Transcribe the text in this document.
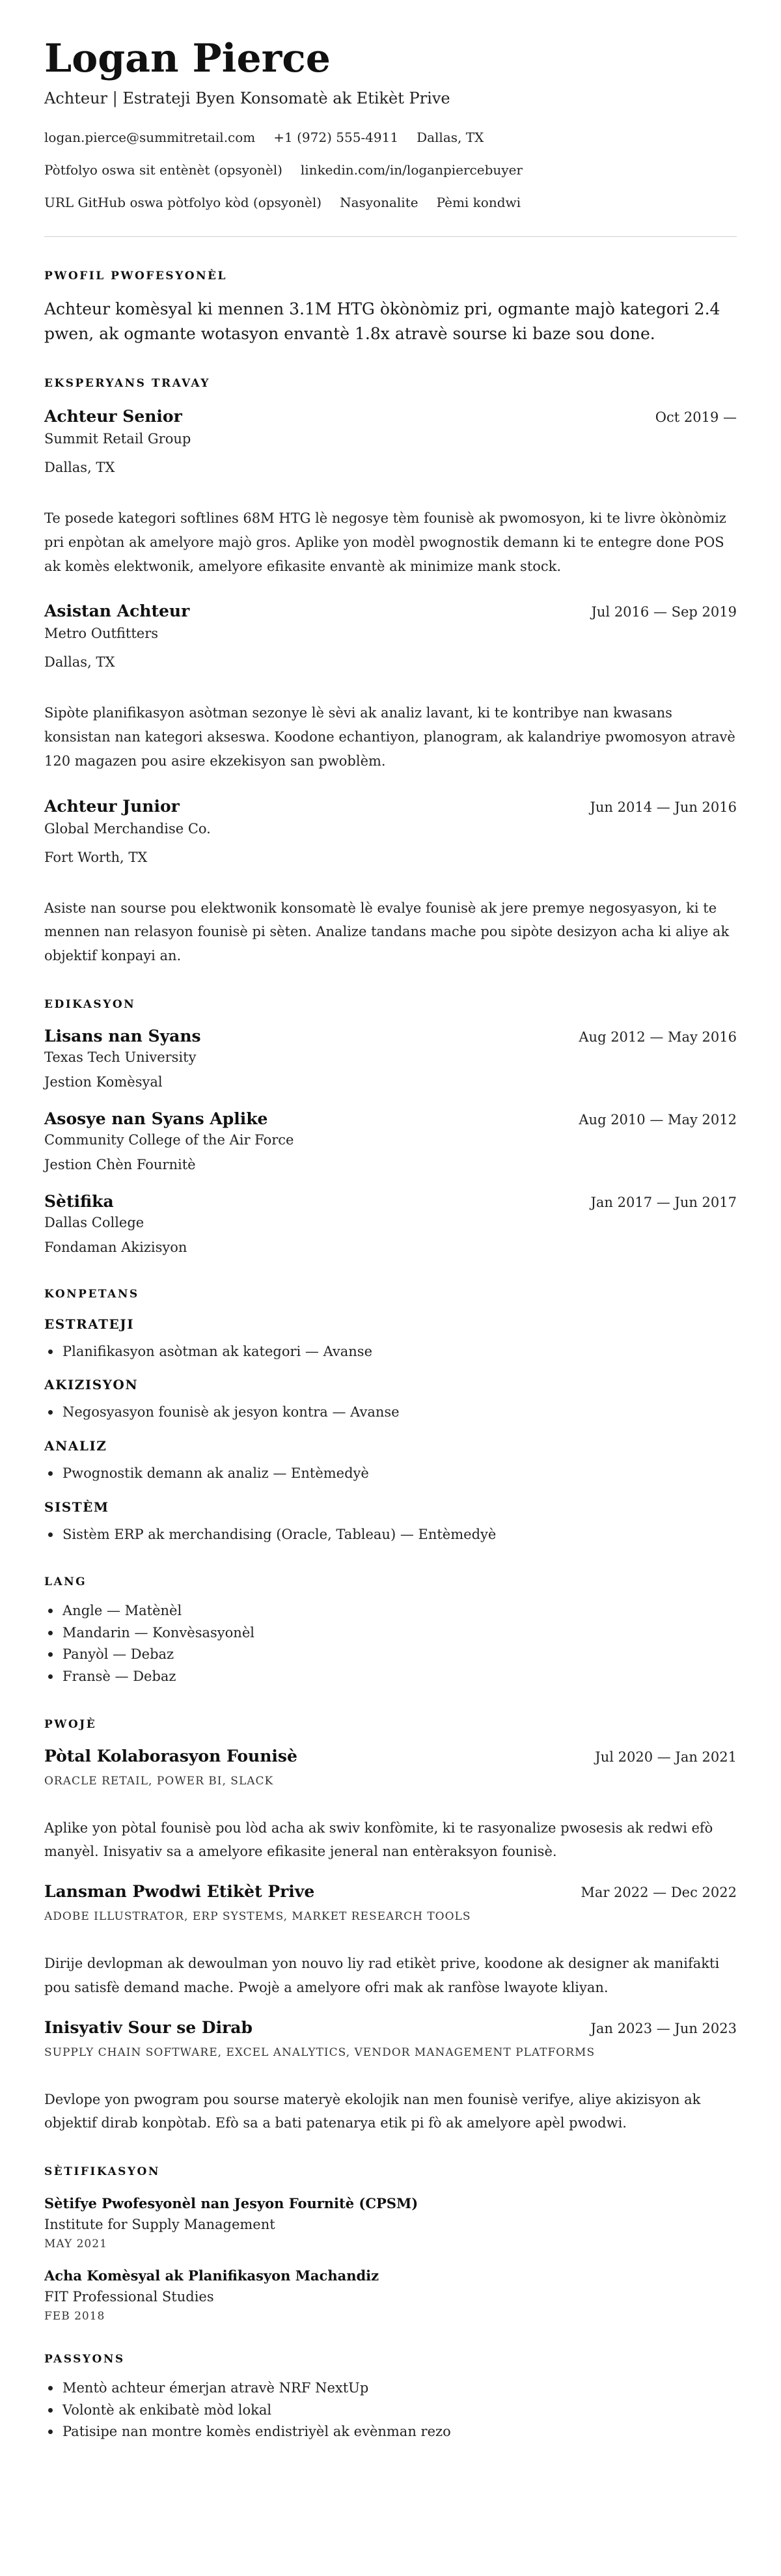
Logan Pierce
Achteur | Estrateji Byen Konsomatè ak Etikèt Prive
logan.pierce@summitretail.com +1 (972) 555-4911 Dallas, TX
Pòtfolyo oswa sit entènèt (opsyonèl) linkedin.com/in/loganpiercebuyer
URL GitHub oswa pòtfolyo kòd (opsyonèl) Nasyonalite Pèmi kondwi
PWOFIL PWOFESYONÈL

Achteur komèsyal ki mennen 3.1M HTG òkònòmiz pri, ogmante majò kategori 2.4 pwen, ak ogmante wotasyon envantè 1.8x atravè sourse ki baze sou done.

EKSPERYANS TRAVAY
Achteur Senior	Oct 2019 —
Summit Retail Group
Dallas, TX

Te posede kategori softlines 68M HTG lè negosye tèm founisè ak pwomosyon, ki te livre òkònòmiz pri enpòtan ak amelyore majò gros. Aplike yon modèl pwognostik demann ki te entegre done POS ak komès elektwonik, amelyore efikasite envantè ak minimize mank stock.

Asistan Achteur	Jul 2016 — Sep 2019
Metro Outfitters
Dallas, TX

Sipòte planifikasyon asòtman sezonye lè sèvi ak analiz lavant, ki te kontribye nan kwasans konsistan nan kategori akseswa. Koodone echantiyon, planogram, ak kalandriye pwomosyon atravè 120 magazen pou asire ekzekisyon san pwoblèm.

Achteur Junior	Jun 2014 — Jun 2016
Global Merchandise Co.
Fort Worth, TX

Asiste nan sourse pou elektwonik konsomatè lè evalye founisè ak jere premye negosyasyon, ki te mennen nan relasyon founisè pi sèten. Analize tandans mache pou sipòte desizyon acha ki aliye ak objektif konpayi an.

EDIKASYON
Lisans nan Syans	Aug 2012 — May 2016
Texas Tech University
Jestion Komèsyal
Asosye nan Syans Aplike	Aug 2010 — May 2012
Community College of the Air Force
Jestion Chèn Fournitè
Sètifika	Jan 2017 — Jun 2017
Dallas College
Fondaman Akizisyon
KONPETANS
ESTRATEJI
Planifikasyon asòtman ak kategori — Avanse
AKIZISYON
Negosyasyon founisè ak jesyon kontra — Avanse
ANALIZ
Pwognostik demann ak analiz — Entèmedyè
SISTÈM
Sistèm ERP ak merchandising (Oracle, Tableau) — Entèmedyè
LANG
Angle — Matènèl
Mandarin — Konvèsasyonèl
Panyòl — Debaz
Fransè — Debaz
PWOJÈ
Pòtal Kolaborasyon Founisè	Jul 2020 — Jan 2021
ORACLE RETAIL, POWER BI, SLACK

Aplike yon pòtal founisè pou lòd acha ak swiv konfòmite, ki te rasyonalize pwosesis ak redwi efò manyèl. Inisyativ sa a amelyore efikasite jeneral nan entèraksyon founisè.

Lansman Pwodwi Etikèt Prive	Mar 2022 — Dec 2022
ADOBE ILLUSTRATOR, ERP SYSTEMS, MARKET RESEARCH TOOLS

Dirije devlopman ak dewoulman yon nouvo liy rad etikèt prive, koodone ak designer ak manifakti pou satisfè demand mache. Pwojè a amelyore ofri mak ak ranfòse lwayote kliyan.

Inisyativ Sour se Dirab	Jan 2023 — Jun 2023
SUPPLY CHAIN SOFTWARE, EXCEL ANALYTICS, VENDOR MANAGEMENT PLATFORMS

Devlope yon pwogram pou sourse materyè ekolojik nan men founisè verifye, aliye akizisyon ak objektif dirab konpòtab. Efò sa a bati patenarya etik pi fò ak amelyore apèl pwodwi.

SÈTIFIKASYON
Sètifye Pwofesyonèl nan Jesyon Fournitè (CPSM)
Institute for Supply Management
MAY 2021
Acha Komèsyal ak Planifikasyon Machandiz
FIT Professional Studies
FEB 2018
PASSYONS
Mentò achteur émerjan atravè NRF NextUp
Volontè ak enkibatè mòd lokal
Patisipe nan montre komès endistriyèl ak evènman rezo
